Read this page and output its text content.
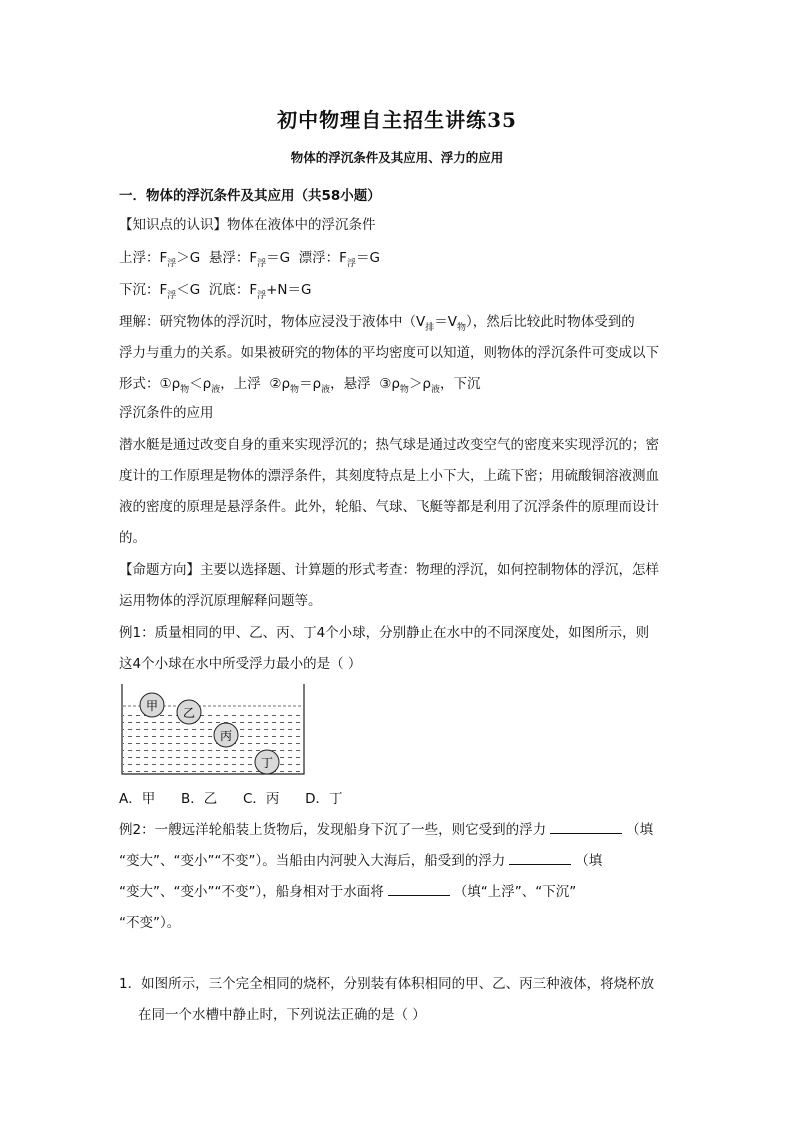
初中物理自主招生讲练35
物体的浮沉条件及其应用、浮力的应用
一．物体的浮沉条件及其应用（共58小题）
【知识点的认识】物体在液体中的浮沉条件
上浮：$F_浮>G$  悬浮：$F_浮=G$  漂浮：$F_浮=G$
下沉：$F_浮<G$  沉底：$F_浮+N=G$
理解：研究物体的浮沉时，物体应浸没于液体中$(V_排=V_物)$，然后比较此时物体受到的
浮力与重力的关系。如果被研究的物体的平均密度可以知道，则物体的浮沉条件可变成以下
形式：$①\rho_物<\rho_液$，上浮  $②\rho_物=\rho_液$，悬浮  $③\rho_物>\rho_液$，下沉
浮沉条件的应用
潜水艇是通过改变自身的重来实现浮沉的；热气球是通过改变空气的密度来实现浮沉的；密
度计的工作原理是物体的漂浮条件，其刻度特点是上小下大，上疏下密；用硫酸铜溶液测血
液的密度的原理是悬浮条件。此外，轮船、气球、飞艇等都是利用了沉浮条件的原理而设计
的。
【命题方向】主要以选择题、计算题的形式考查：物理的浮沉，如何控制物体的浮沉，怎样
运用物体的浮沉原理解释问题等。
例1：质量相同的甲、乙、丙、丁4个小球，分别静止在水中的不同深度处，如图所示，则
这4个小球在水中所受浮力最小的是（ ）
甲 乙
丙
丁
A．甲      B．乙      C．丙      D．丁
例2：一艘远洋轮船装上货物后，发现船身下沉了一些，则它受到的浮力	（填
“变大”、“变小”“不变”）。当船由内河驶入大海后，船受到的浮力	（填
“变大”、“变小”“不变”），船身相对于水面将	（填“上浮”、“下沉”
“不变”）。
1．如图所示，三个完全相同的烧杯，分别装有体积相同的甲、乙、丙三种液体，将烧杯放
在同一个水槽中静止时，下列说法正确的是（ ）
